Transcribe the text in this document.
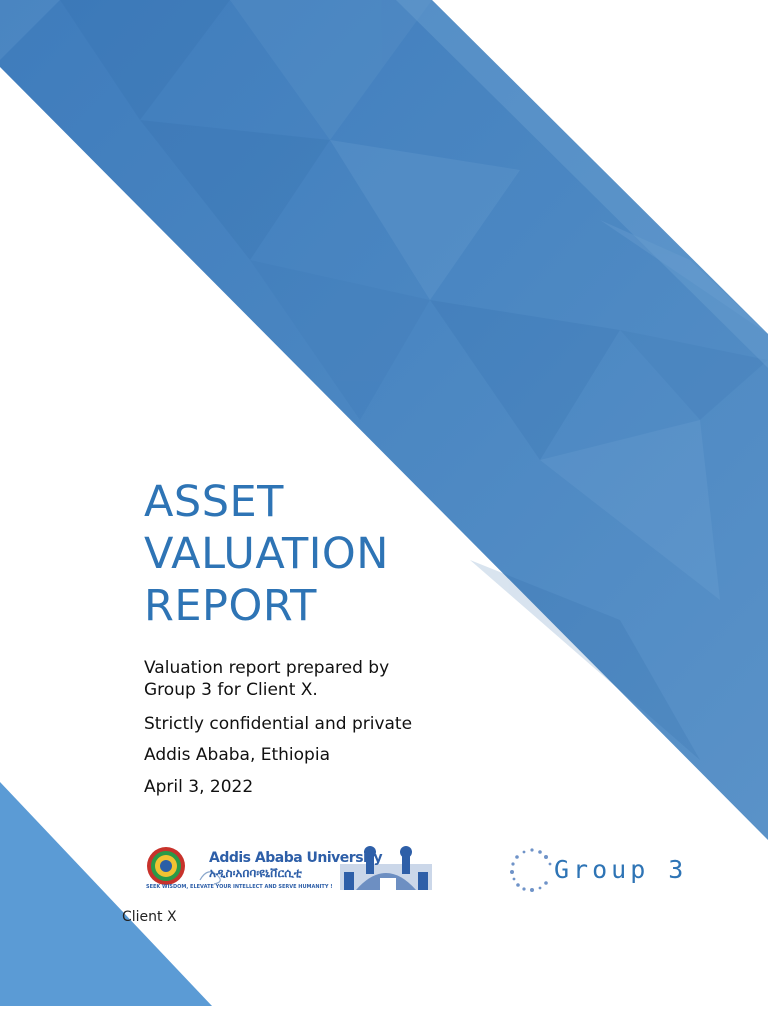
ASSET
VALUATION
REPORT
Valuation report prepared by Group 3 for Client X.
Strictly confidential and private
Addis Ababa, Ethiopia
April 3, 2022
Addis Ababa University
አዲስ፡አበባ፡ዩኒቨርሲቲ
SEEK WISDOM, ELEVATE YOUR INTELLECT AND SERVE HUMANITY !
Group 3
Client X
